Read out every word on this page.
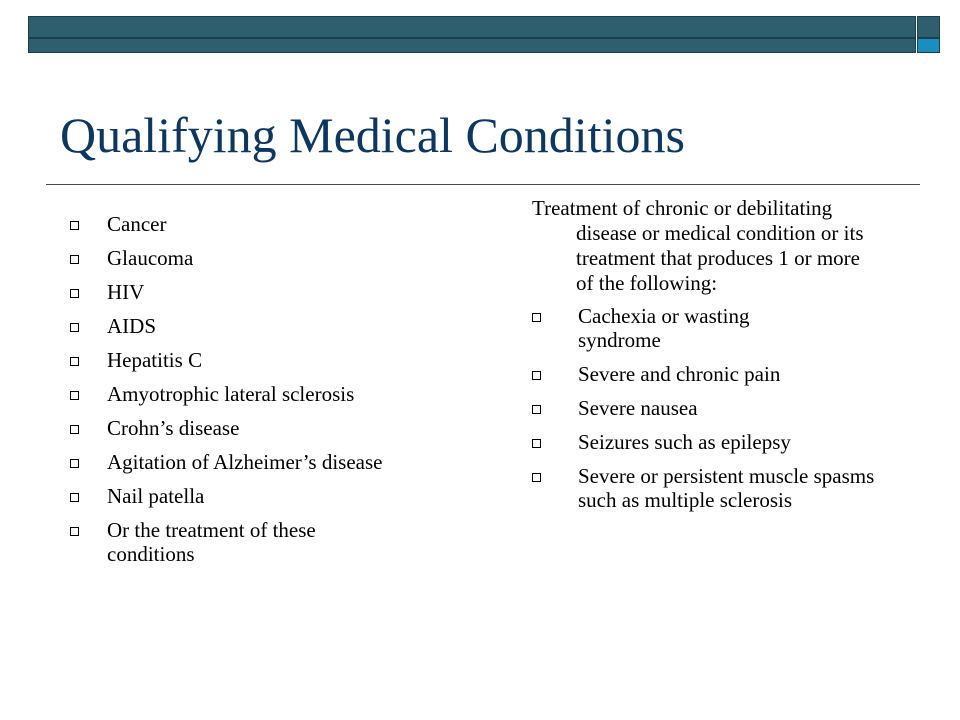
Qualifying Medical Conditions
Cancer
Glaucoma
HIV
AIDS
Hepatitis C
Amyotrophic lateral sclerosis
Crohn’s disease
Agitation of Alzheimer’s disease
Nail patella
Or the treatment of these conditions

Treatment of chronic or debilitating disease or medical condition or its treatment that produces 1 or more of the following:

Cachexia or wasting syndrome
Severe and chronic pain
Severe nausea
Seizures such as epilepsy
Severe or persistent muscle spasms such as multiple sclerosis
